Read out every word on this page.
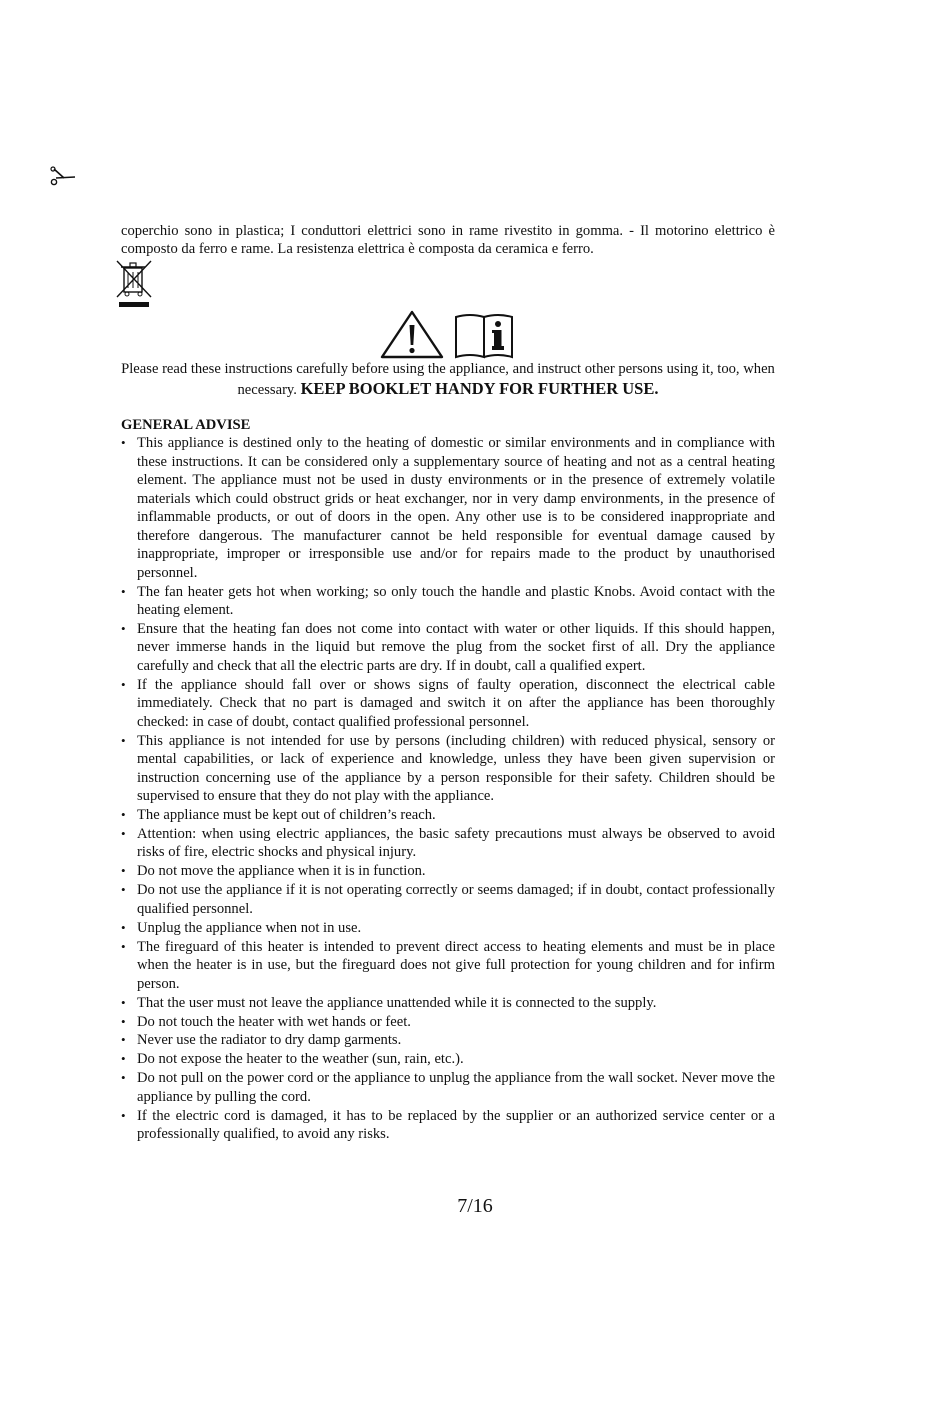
coperchio sono in plastica; I conduttori elettrici sono in rame rivestito in gomma. - Il motorino elettrico è composto da ferro e rame. La resistenza elettrica è composta da ceramica e ferro.

Please read these instructions carefully before using the appliance, and instruct other persons using it, too, when necessary. KEEP BOOKLET HANDY FOR FURTHER USE.

GENERAL ADVISE

• This appliance is destined only to the heating of domestic or similar environments and in compliance with these instructions. It can be considered only a supplementary source of heating and not as a central heating element. The appliance must not be used in dusty environments or in the presence of extremely volatile materials which could obstruct grids or heat exchanger, nor in very damp environments, in the presence of inflammable products, or out of doors in the open. Any other use is to be considered inappropriate and therefore dangerous. The manufacturer cannot be held responsible for eventual damage caused by inappropriate, improper or irresponsible use and/or for repairs made to the product by unauthorised personnel.
• The fan heater gets hot when working; so only touch the handle and plastic Knobs. Avoid contact with the heating element.
• Ensure that the heating fan does not come into contact with water or other liquids. If this should happen, never immerse hands in the liquid but remove the plug from the socket first of all. Dry the appliance carefully and check that all the electric parts are dry. If in doubt, call a qualified expert.
• If the appliance should fall over or shows signs of faulty operation, disconnect the electrical cable immediately. Check that no part is damaged and switch it on after the appliance has been thoroughly checked: in case of doubt, contact qualified professional personnel.
• This appliance is not intended for use by persons (including children) with reduced physical, sensory or mental capabilities, or lack of experience and knowledge, unless they have been given supervision or instruction concerning use of the appliance by a person responsible for their safety. Children should be supervised to ensure that they do not play with the appliance.
• The appliance must be kept out of children’s reach.
• Attention: when using electric appliances, the basic safety precautions must always be observed to avoid risks of fire, electric shocks and physical injury.
• Do not move the appliance when it is in function.
• Do not use the appliance if it is not operating correctly or seems damaged; if in doubt, contact professionally qualified personnel.
• Unplug the appliance when not in use.
• The fireguard of this heater is intended to prevent direct access to heating elements and must be in place when the heater is in use, but the fireguard does not give full protection for young children and for infirm person.
• That the user must not leave the appliance unattended while it is connected to the supply.
• Do not touch the heater with wet hands or feet.
• Never use the radiator to dry damp garments.
• Do not expose the heater to the weather (sun, rain, etc.).
• Do not pull on the power cord or the appliance to unplug the appliance from the wall socket. Never move the appliance by pulling the cord.
• If the electric cord is damaged, it has to be replaced by the supplier or an authorized service center or a professionally qualified, to avoid any risks.

7/16
